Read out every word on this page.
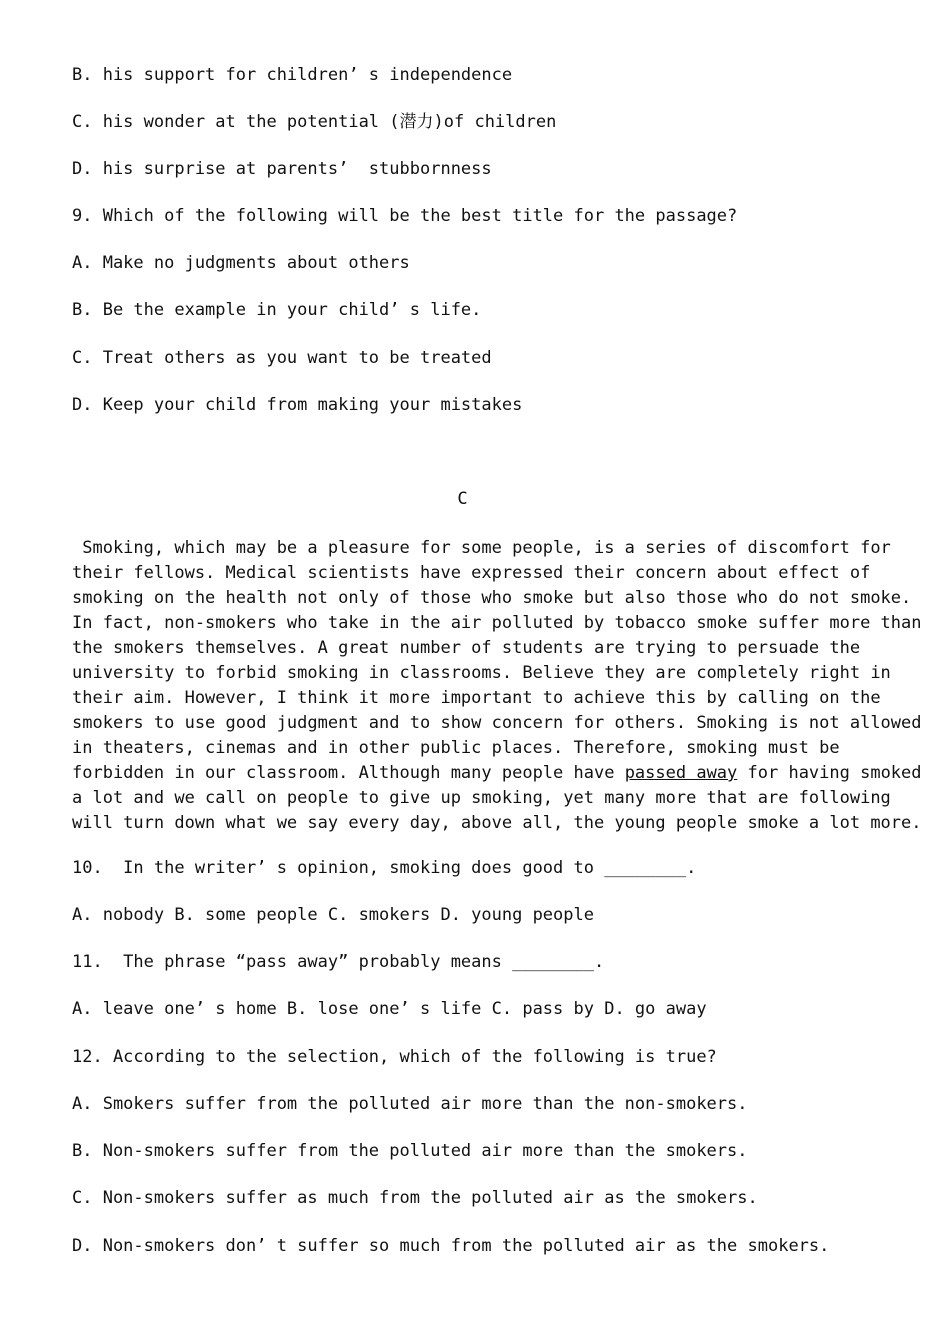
B. his support for children’ s independence

C. his wonder at the potential (潜力)of children

D. his surprise at parents’  stubbornness

9. Which of the following will be the best title for the passage?

A. Make no judgments about others

B. Be the example in your child’ s life.

C. Treat others as you want to be treated

D. Keep your child from making your mistakes

C
Smoking, which may be a pleasure for some people, is a series of discomfort for
their fellows. Medical scientists have expressed their concern about effect of
smoking on the health not only of those who smoke but also those who do not smoke.
In fact, non-smokers who take in the air polluted by tobacco smoke suffer more than
the smokers themselves. A great number of students are trying to persuade the
university to forbid smoking in classrooms. Believe they are completely right in
their aim. However, I think it more important to achieve this by calling on the
smokers to use good judgment and to show concern for others. Smoking is not allowed
in theaters, cinemas and in other public places. Therefore, smoking must be
forbidden in our classroom. Although many people have passed away for having smoked
a lot and we call on people to give up smoking, yet many more that are following
will turn down what we say every day, above all, the young people smoke a lot more.

10.  In the writer’ s opinion, smoking does good to ________.

A. nobody B. some people C. smokers D. young people

11.  The phrase “pass away” probably means ________.

A. leave one’ s home B. lose one’ s life C. pass by D. go away

12. According to the selection, which of the following is true?

A. Smokers suffer from the polluted air more than the non-smokers.

B. Non-smokers suffer from the polluted air more than the smokers.

C. Non-smokers suffer as much from the polluted air as the smokers.

D. Non-smokers don’ t suffer so much from the polluted air as the smokers.
